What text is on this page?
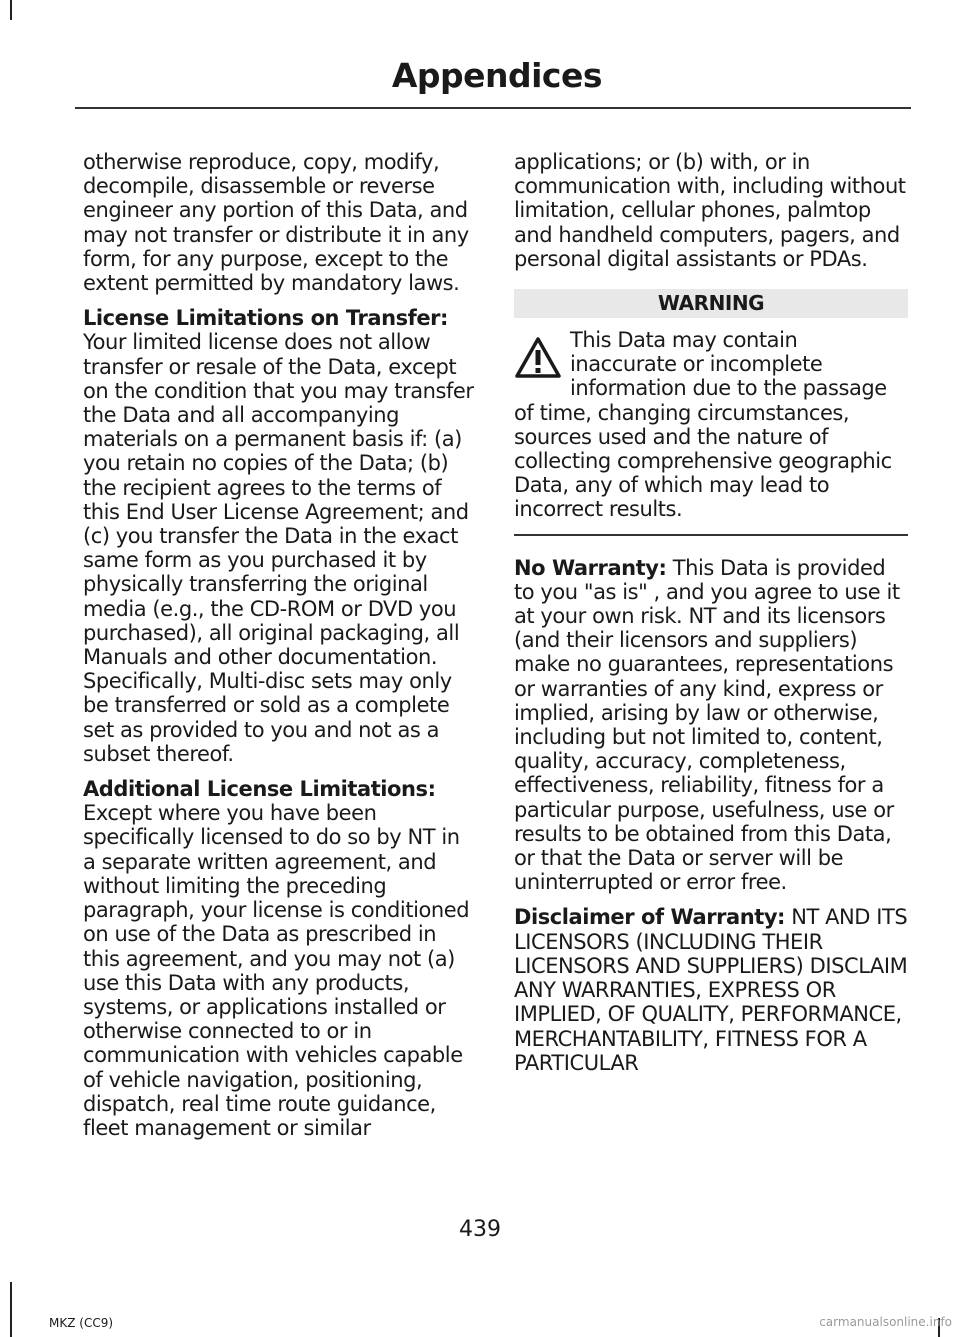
Appendices

otherwise reproduce, copy, modify, decompile, disassemble or reverse engineer any portion of this Data, and may not transfer or distribute it in any form, for any purpose, except to the extent permitted by mandatory laws.

License Limitations on Transfer:
Your limited license does not allow transfer or resale of the Data, except on the condition that you may transfer the Data and all accompanying materials on a permanent basis if: (a) you retain no copies of the Data; (b) the recipient agrees to the terms of this End User License Agreement; and (c) you transfer the Data in the exact same form as you purchased it by physically transferring the original media (e.g., the CD-ROM or DVD you purchased), all original packaging, all Manuals and other documentation. Specifically, Multi-disc sets may only be transferred or sold as a complete set as provided to you and not as a subset thereof.

Additional License Limitations:
Except where you have been specifically licensed to do so by NT in a separate written agreement, and without limiting the preceding paragraph, your license is conditioned on use of the Data as prescribed in this agreement, and you may not (a) use this Data with any products, systems, or applications installed or otherwise connected to or in communication with vehicles capable of vehicle navigation, positioning, dispatch, real time route guidance, fleet management or similar

applications; or (b) with, or in communication with, including without limitation, cellular phones, palmtop and handheld computers, pagers, and personal digital assistants or PDAs.

WARNING
This Data may contain inaccurate or incomplete information due to the passage of time, changing circumstances, sources used and the nature of collecting comprehensive geographic Data, any of which may lead to incorrect results.

No Warranty: This Data is provided to you "as is" , and you agree to use it at your own risk. NT and its licensors (and their licensors and suppliers) make no guarantees, representations or warranties of any kind, express or implied, arising by law or otherwise, including but not limited to, content, quality, accuracy, completeness, effectiveness, reliability, fitness for a particular purpose, usefulness, use or results to be obtained from this Data, or that the Data or server will be uninterrupted or error free.

Disclaimer of Warranty: NT AND ITS LICENSORS (INCLUDING THEIR LICENSORS AND SUPPLIERS) DISCLAIM ANY WARRANTIES, EXPRESS OR IMPLIED, OF QUALITY, PERFORMANCE, MERCHANTABILITY, FITNESS FOR A PARTICULAR

439
MKZ (CC9)	carmanualsonline.info
